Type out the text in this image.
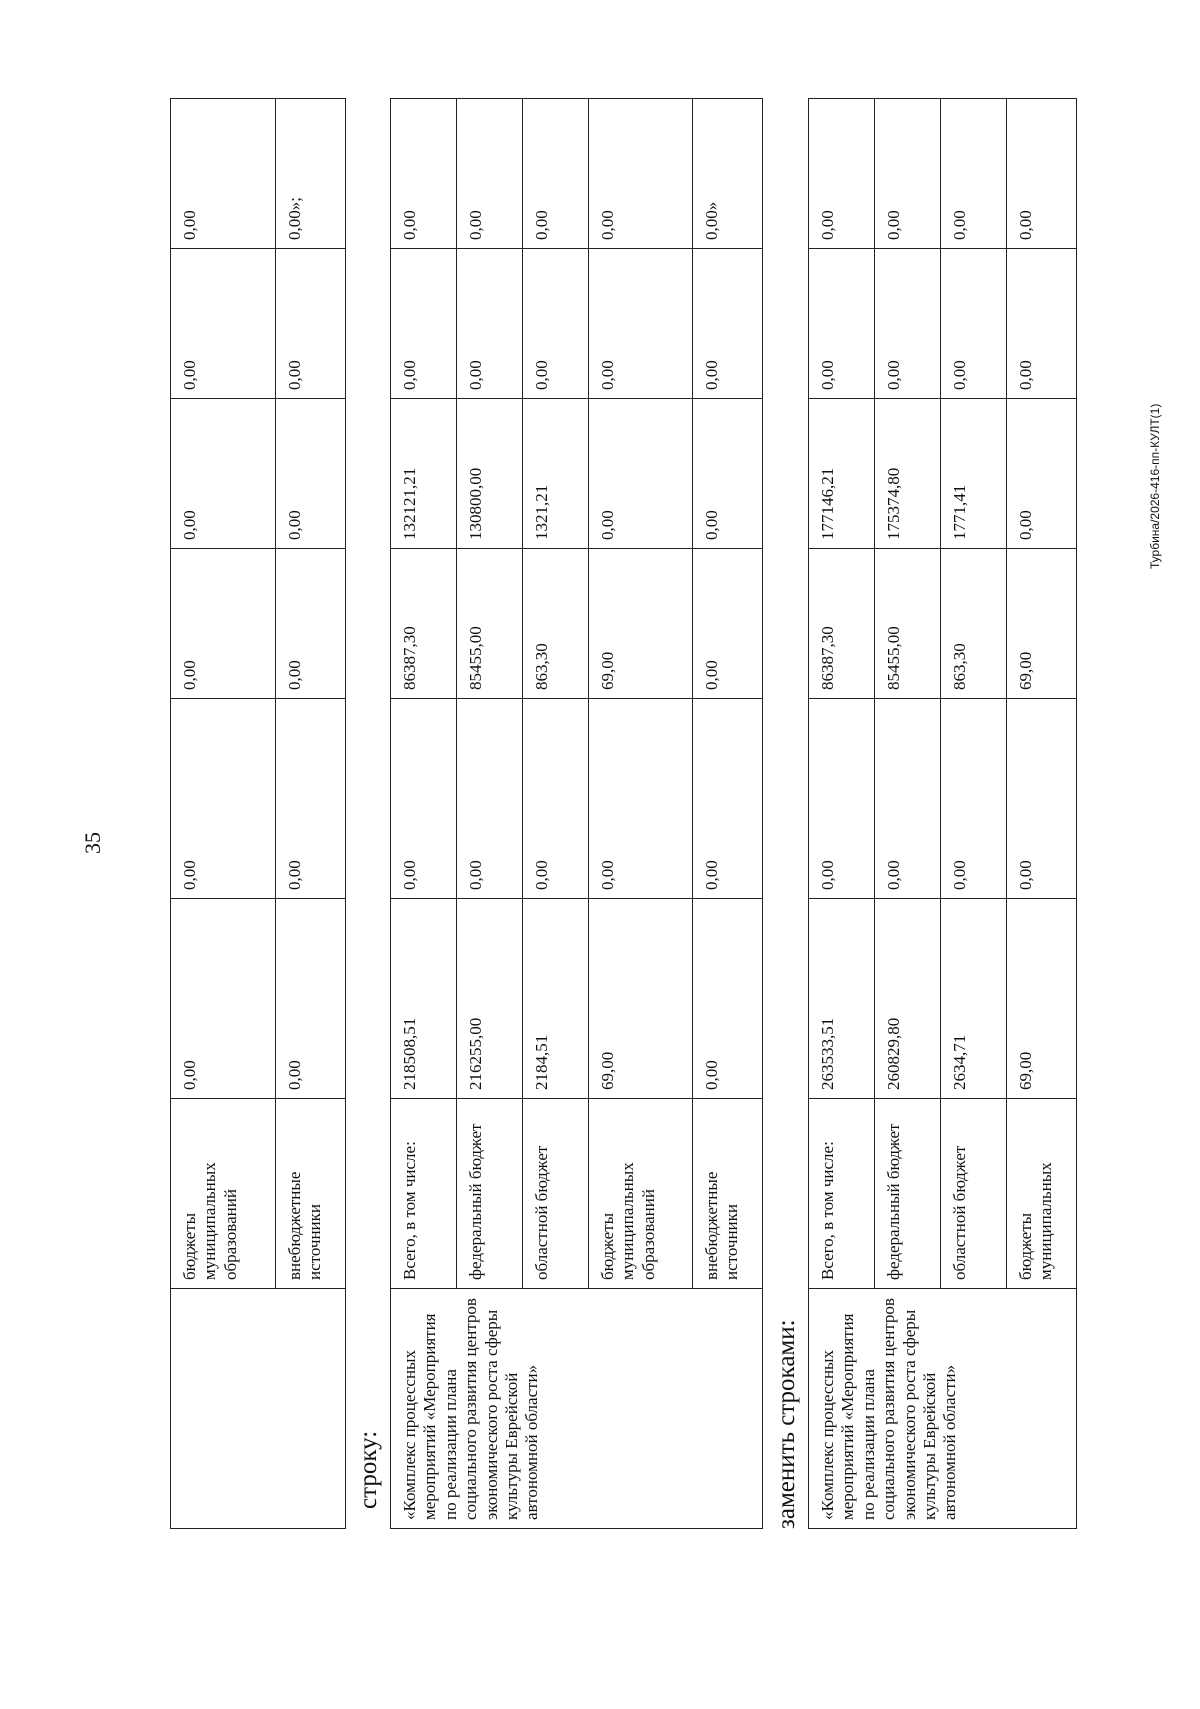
35
	бюджеты муниципальных образований	0,00	0,00	0,00	0,00	0,00	0,00
	внебюджетные источники	0,00	0,00	0,00	0,00	0,00	0,00»;
строку: «Комплекс процессных мероприятий «Мероприятия по реализации плана социального развития центров экономического роста сферы культуры Еврейской автономной области»	Всего, в том числе:	218508,51	0,00	86387,30	132121,21	0,00	0,00
	федеральный бюджет	216255,00	0,00	85455,00	130800,00	0,00	0,00
	областной бюджет	2184,51	0,00	863,30	1321,21	0,00	0,00
	бюджеты муниципальных образований	69,00	0,00	69,00	0,00	0,00	0,00
	внебюджетные источники	0,00	0,00	0,00	0,00	0,00	0,00»
заменить строками: «Комплекс процессных мероприятий «Мероприятия по реализации плана социального развития центров экономического роста сферы культуры Еврейской автономной области»	Всего, в том числе:	263533,51	0,00	86387,30	177146,21	0,00	0,00
	федеральный бюджет	260829,80	0,00	85455,00	175374,80	0,00	0,00
	областной бюджет	2634,71	0,00	863,30	1771,41	0,00	0,00
	бюджеты муниципальных	69,00	0,00	69,00	0,00	0,00	0,00
Турбина/2026-416-пп-КУЛТ(1)
